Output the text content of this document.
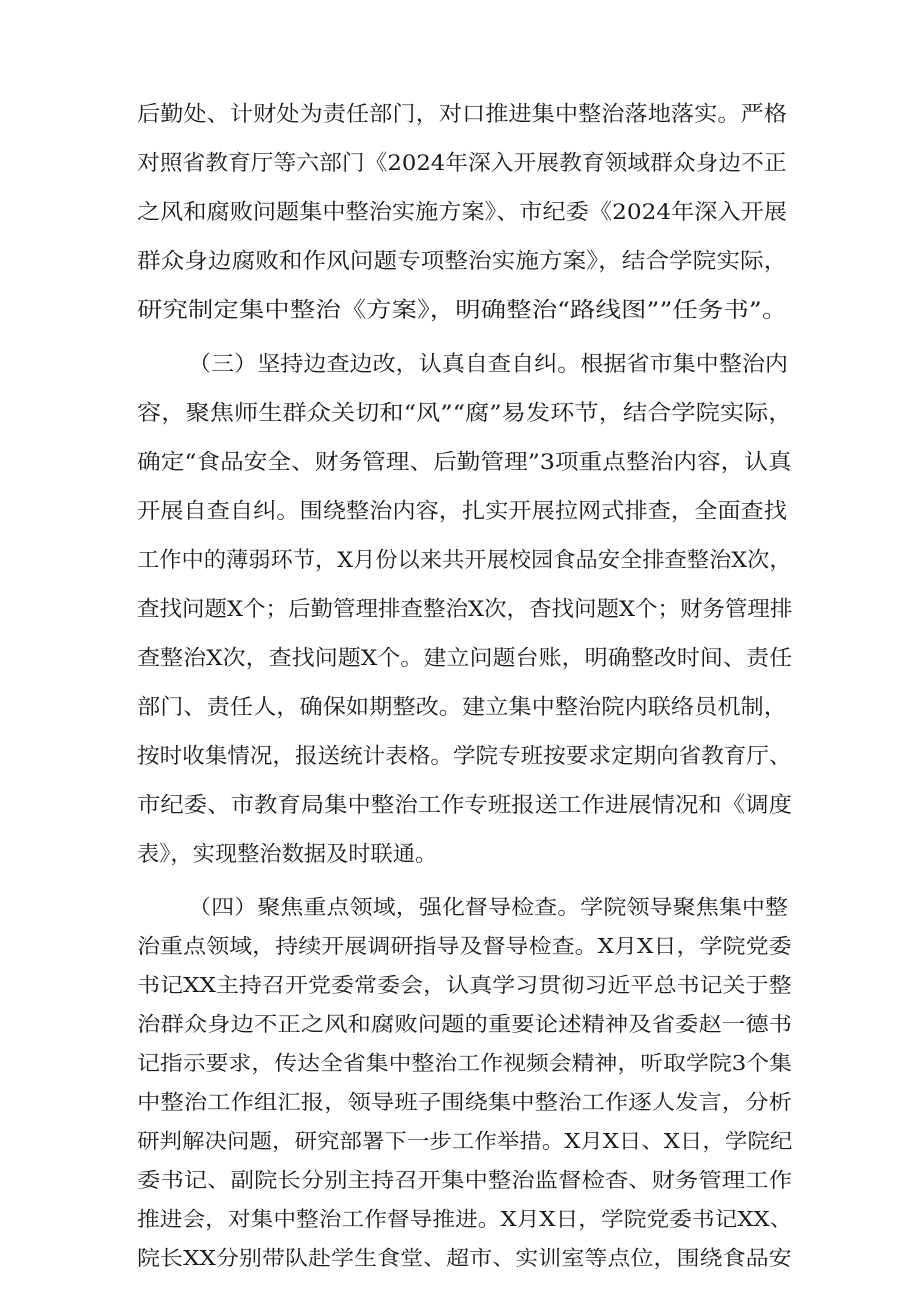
后勤处、计财处为责任部门，对口推进集中整治落地落实。严格
对照省教育厅等六部门《2024年深入开展教育领域群众身边不正
之风和腐败问题集中整治实施方案》、市纪委《2024年深入开展
群众身边腐败和作风问题专项整治实施方案》，结合学院实际，
研究制定集中整治《方案》，明确整治“路线图””任务书”。
（三）坚持边查边改，认真自查自纠。根据省市集中整治内
容，聚焦师生群众关切和“风”“腐”易发环节，结合学院实际，
确定“食品安全、财务管理、后勤管理”3项重点整治内容，认真
开展自查自纠。围绕整治内容，扎实开展拉网式排查，全面查找
工作中的薄弱环节，X月份以来共开展校园食品安全排查整治X次，
查找问题X个；后勤管理排查整治X次，杳找问题X个；财务管理排
查整治X次，查找问题X个。建立问题台账，明确整改时间、责任
部门、责任人，确保如期整改。建立集中整治院内联络员机制，
按时收集情况，报送统计表格。学院专班按要求定期向省教育厅、
市纪委、市教育局集中整治工作专班报送工作进展情况和《调度
表》，实现整治数据及时联通。
（四）聚焦重点领域，强化督导检查。学院领导聚焦集中整
治重点领域，持续开展调研指导及督导检查。X月X日，学院党委
书记XX主持召开党委常委会，认真学习贯彻习近平总书记关于整
治群众身边不正之风和腐败问题的重要论述精神及省委赵一德书
记指示要求，传达全省集中整治工作视频会精神，听取学院3个集
中整治工作组汇报，领导班子围绕集中整治工作逐人发言，分析
研判解决问题，研究部署下一步工作举措。X月X日、X日，学院纪
委书记、副院长分别主持召开集中整治监督检杳、财务管理工作
推进会，对集中整治工作督导推进。X月X日，学院党委书记XX、
院长XX分别带队赴学生食堂、超市、实训室等点位，围绕食品安
